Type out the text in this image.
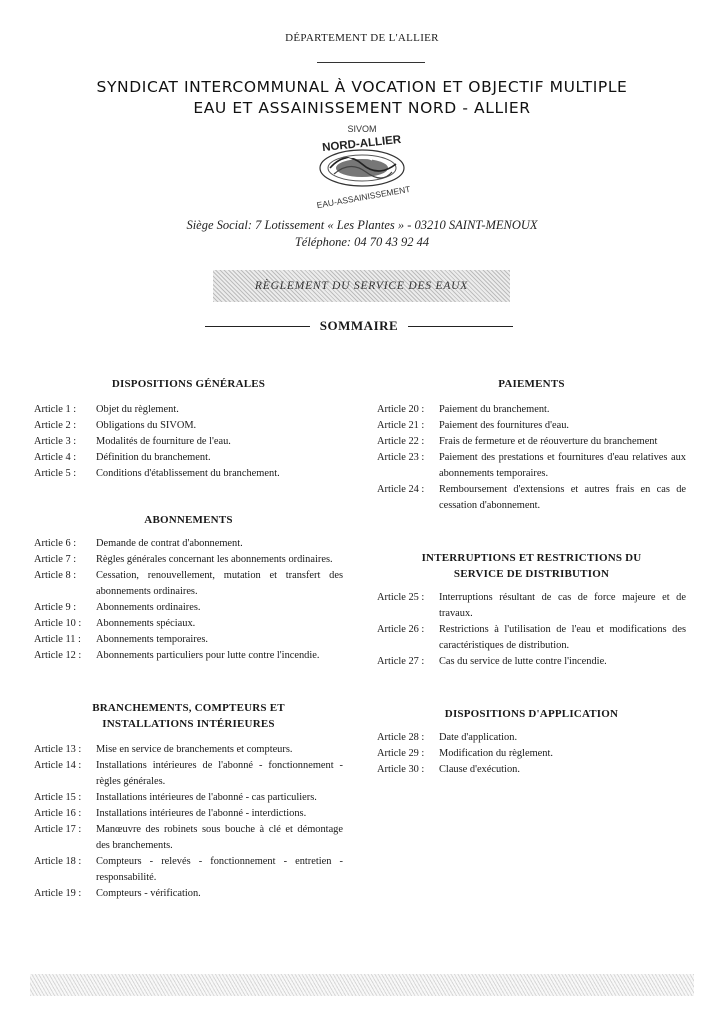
DÉPARTEMENT DE L'ALLIER
SYNDICAT INTERCOMMUNAL À VOCATION ET OBJECTIF MULTIPLE
EAU ET ASSAINISSEMENT NORD - ALLIER
SIVOM
NORD-ALLIER
EAU-ASSAINISSEMENT
Siège Social: 7 Lotissement « Les Plantes » - 03210 SAINT-MENOUX
Téléphone: 04 70 43 92 44
RÈGLEMENT DU SERVICE DES EAUX
SOMMAIRE
DISPOSITIONS GÉNÉRALES
Article 1 :	Objet du règlement.
Article 2 :	Obligations du SIVOM.
Article 3 :	Modalités de fourniture de l'eau.
Article 4 :	Définition du branchement.
Article 5 :	Conditions d'établissement du branchement.
ABONNEMENTS
Article 6 :	Demande de contrat d'abonnement.
Article 7 :	Règles générales concernant les abonnements ordinaires.
Article 8 :	Cessation, renouvellement, mutation et transfert des abonnements ordinaires.
Article 9 :	Abonnements ordinaires.
Article 10 :	Abonnements spéciaux.
Article 11 :	Abonnements temporaires.
Article 12 :	Abonnements particuliers pour lutte contre l'incendie.
BRANCHEMENTS, COMPTEURS ET INSTALLATIONS INTÉRIEURES
Article 13 :	Mise en service de branchements et compteurs.
Article 14 :	Installations intérieures de l'abonné - fonctionnement - règles générales.
Article 15 :	Installations intérieures de l'abonné - cas particuliers.
Article 16 :	Installations intérieures de l'abonné - interdictions.
Article 17 :	Manœuvre des robinets sous bouche à clé et démontage des branchements.
Article 18 :	Compteurs - relevés - fonctionnement - entretien - responsabilité.
Article 19 :	Compteurs - vérification.
PAIEMENTS
Article 20 :	Paiement du branchement.
Article 21 :	Paiement des fournitures d'eau.
Article 22 :	Frais de fermeture et de réouverture du branchement
Article 23 :	Paiement des prestations et fournitures d'eau relatives aux abonnements temporaires.
Article 24 :	Remboursement d'extensions et autres frais en cas de cessation d'abonnement.
INTERRUPTIONS ET RESTRICTIONS DU SERVICE DE DISTRIBUTION
Article 25 :	Interruptions résultant de cas de force majeure et de travaux.
Article 26 :	Restrictions à l'utilisation de l'eau et modifications des caractéristiques de distribution.
Article 27 :	Cas du service de lutte contre l'incendie.
DISPOSITIONS D'APPLICATION
Article 28 :	Date d'application.
Article 29 :	Modification du règlement.
Article 30 :	Clause d'exécution.
